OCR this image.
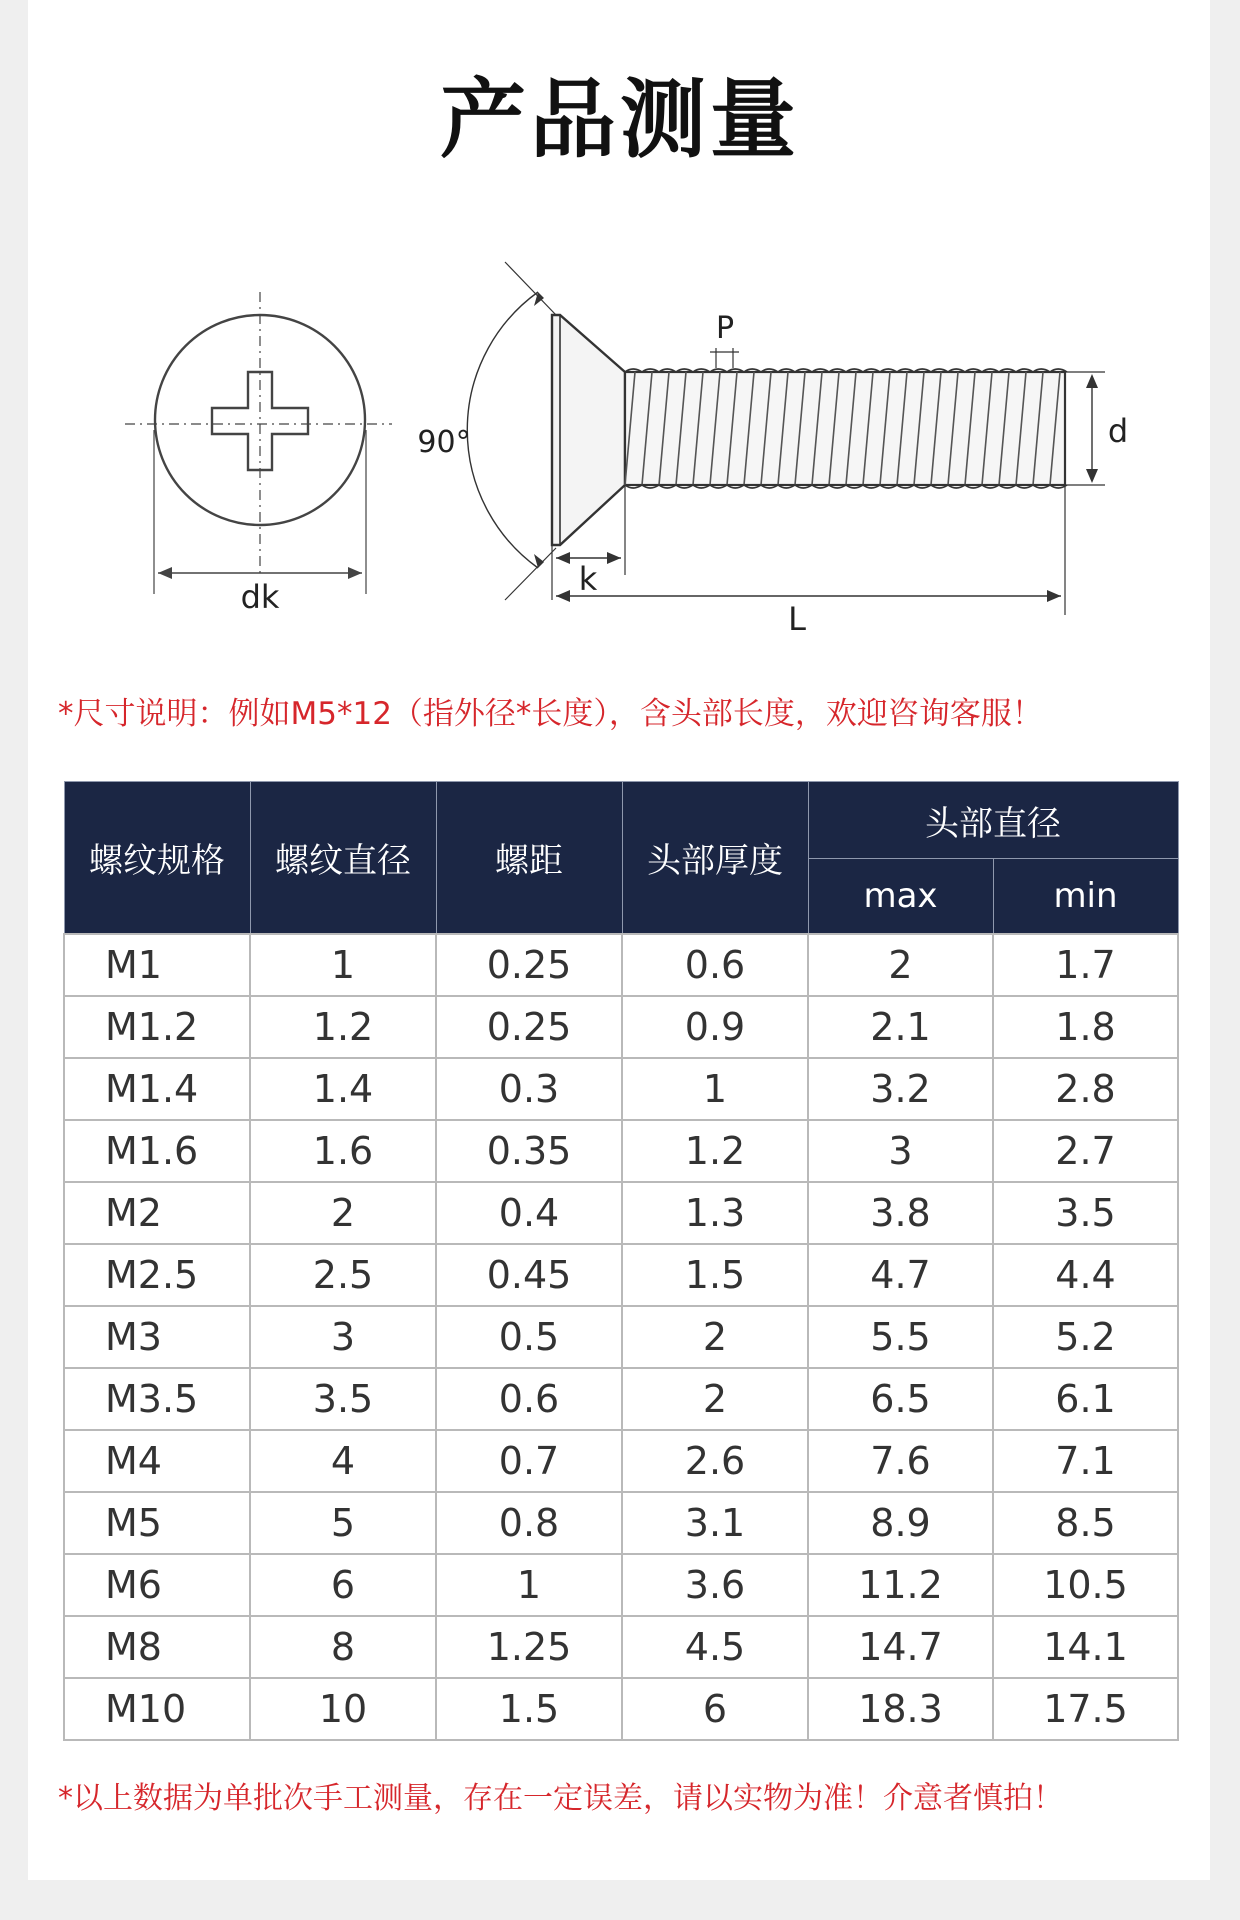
产品测量
dk
90°
P
d
k
L
*尺寸说明：例如M5*12（指外径*长度），含头部长度，欢迎咨询客服！
螺纹规格	螺纹直径	螺距	头部厚度	头部直径	
				max	min
M1	1	0.25	0.6	2	1.7
M1.2	1.2	0.25	0.9	2.1	1.8
M1.4	1.4	0.3	1	3.2	2.8
M1.6	1.6	0.35	1.2	3	2.7
M2	2	0.4	1.3	3.8	3.5
M2.5	2.5	0.45	1.5	4.7	4.4
M3	3	0.5	2	5.5	5.2
M3.5	3.5	0.6	2	6.5	6.1
M4	4	0.7	2.6	7.6	7.1
M5	5	0.8	3.1	8.9	8.5
M6	6	1	3.6	11.2	10.5
M8	8	1.25	4.5	14.7	14.1
M10	10	1.5	6	18.3	17.5
*以上数据为单批次手工测量，存在一定误差，请以实物为准！介意者慎拍！
